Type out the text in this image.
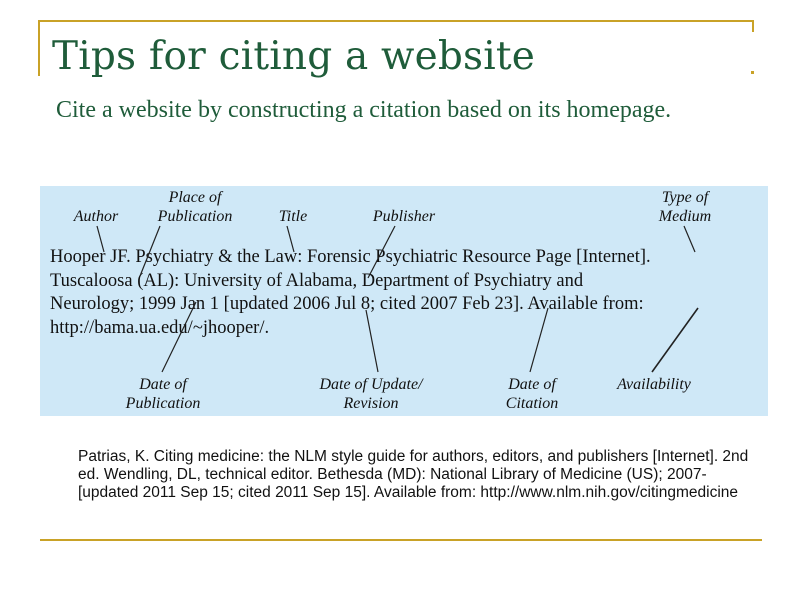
Tips for citing a website
Cite a website by constructing a citation based on its homepage.
Author
Place of
Publication	Title	Publisher
Type of
Medium
Hooper JF. Psychiatry & the Law: Forensic Psychiatric Resource Page [Internet].
Tuscaloosa (AL): University of Alabama, Department of Psychiatry and
Neurology; 1999 Jan 1 [updated 2006 Jul 8; cited 2007 Feb 23]. Available from:
http://bama.ua.edu/~jhooper/.
Date of
Publication
Date of Update/
Revision
Date of
Citation
Availability
Patrias, K. Citing medicine: the NLM style guide for authors, editors, and publishers [Internet]. 2nd ed. Wendling, DL, technical editor. Bethesda (MD): National Library of Medicine (US); 2007- [updated 2011 Sep 15; cited 2011 Sep 15]. Available from: http://www.nlm.nih.gov/citingmedicine
